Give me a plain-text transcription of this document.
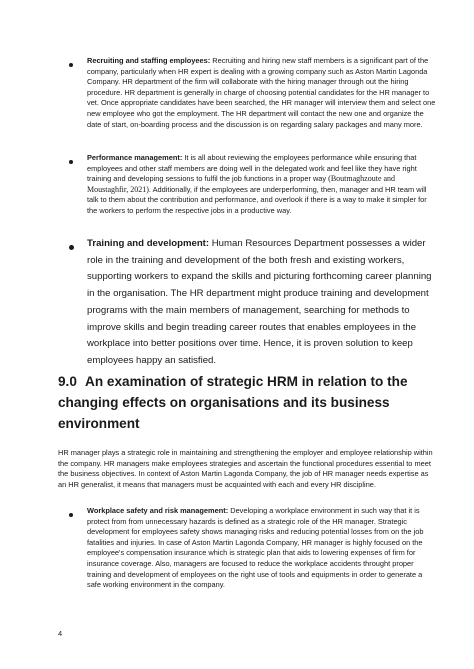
Recruiting and staffing employees: Recruiting and hiring new staff members is a significant part of the company, particularly when HR expert is dealing with a growing company such as Aston Martin Lagonda Company. HR department of the firm will collaborate with the hiring manager through out the hiring procedure. HR department is generally in charge of choosing potential candidates for the HR manager to vet. Once appropriate candidates have been searched, the HR manager will interview them and select one new employee who got the employment. The HR department will contact the new one and organize the date of start, on-boarding process and the discussion is on regarding salary packages and many more.

Performance management: It is all about reviewing the employees performance while ensuring that employees and other staff members are doing well in the delegated work and feel like they have right training and developing sessions to fulfil the job functions in a proper way (Boutmaghzoute and Moustaghfir, 2021). Additionally, if the employees are underperforming, then, manager and HR team will talk to them about the contribution and performance, and overlook if there is a way to make it simpler for the workers to perform the respective jobs in a productive way.

Training and development: Human Resources Department possesses a wider role in the training and development of the both fresh and existing workers, supporting workers to expand the skills and picturing forthcoming career planning in the organisation. The HR department might produce training and development programs with the main members of management, searching for methods to improve skills and begin treading career routes that enables employees in the workplace into better positions over time. Hence, it is proven solution to keep employees happy an satisfied.

9.0 An examination of strategic HRM in relation to the changing effects on organisations and its business environment

HR manager plays a strategic role in maintaining and strengthening the employer and employee relationship within the company. HR managers make employees strategies and ascertain the functional procedures essential to meet the business objectives. In context of Aston Martin Lagonda Company, the job of HR manager needs expertise as an HR generalist, it means that managers must be acquainted with each and every HR discipline.

Workplace safety and risk management: Developing a workplace environment in such way that it is protect from from unnecessary hazards is defined as a strategic role of the HR manager. Strategic development for employees safety shows managing risks and reducing potential losses from on the job fatalities and injuries. In case of Aston Martin Lagonda Company, HR manager is highly focused on the employee's compensation insurance which is strategic plan that aids to lowering expenses of firm for insurance coverage. Also, managers are focused to reduce the workplace accidents throught proper training and development of employees on the right use of tools and equipments in order to generate a safe working environment in the company.

4
